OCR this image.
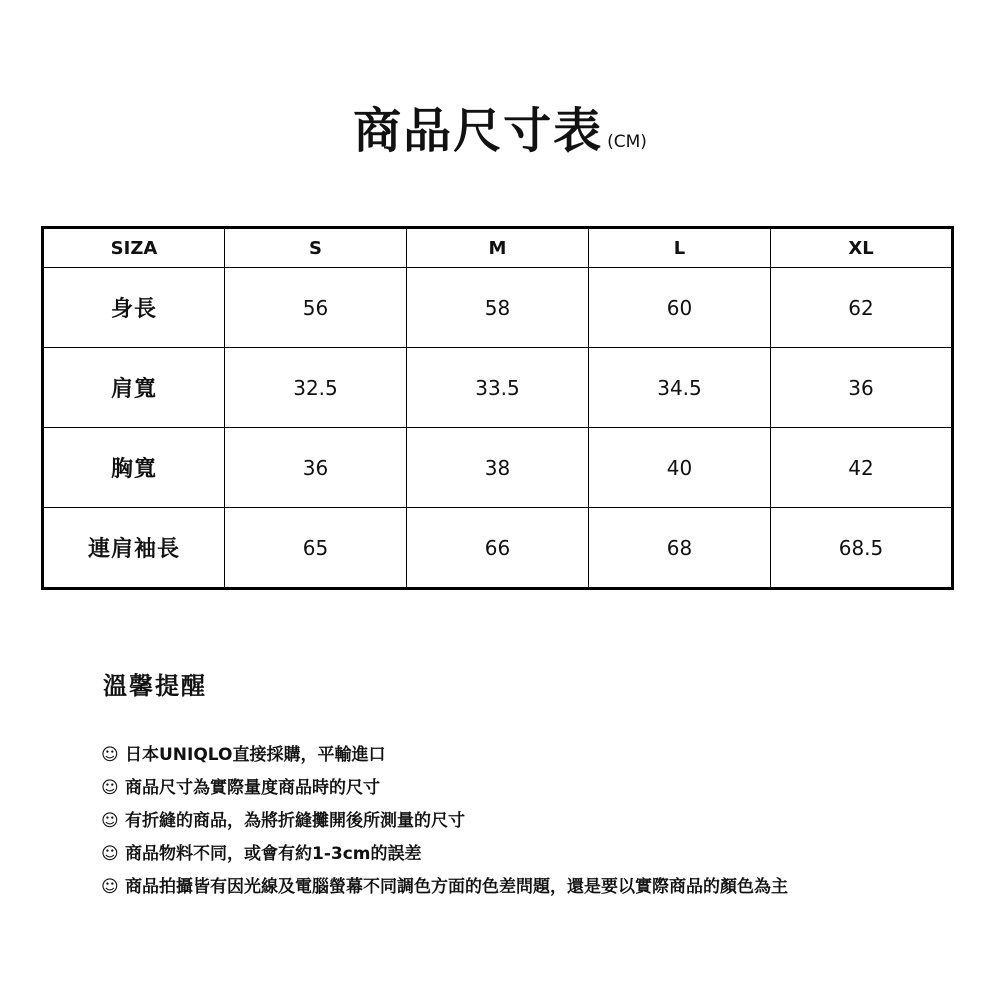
商品尺寸表 (CM)
SIZA	S	M	L	XL
身長	56	58	60	62
肩寬	32.5	33.5	34.5	36
胸寬	36	38	40	42
連肩袖長	65	66	68	68.5
溫馨提醒
☺ 日本UNIQLO直接採購，平輸進口
☺ 商品尺寸為實際量度商品時的尺寸
☺ 有折縫的商品，為將折縫攤開後所測量的尺寸
☺ 商品物料不同，或會有約1-3cm的誤差
☺ 商品拍攝皆有因光線及電腦螢幕不同調色方面的色差問題，還是要以實際商品的顏色為主
